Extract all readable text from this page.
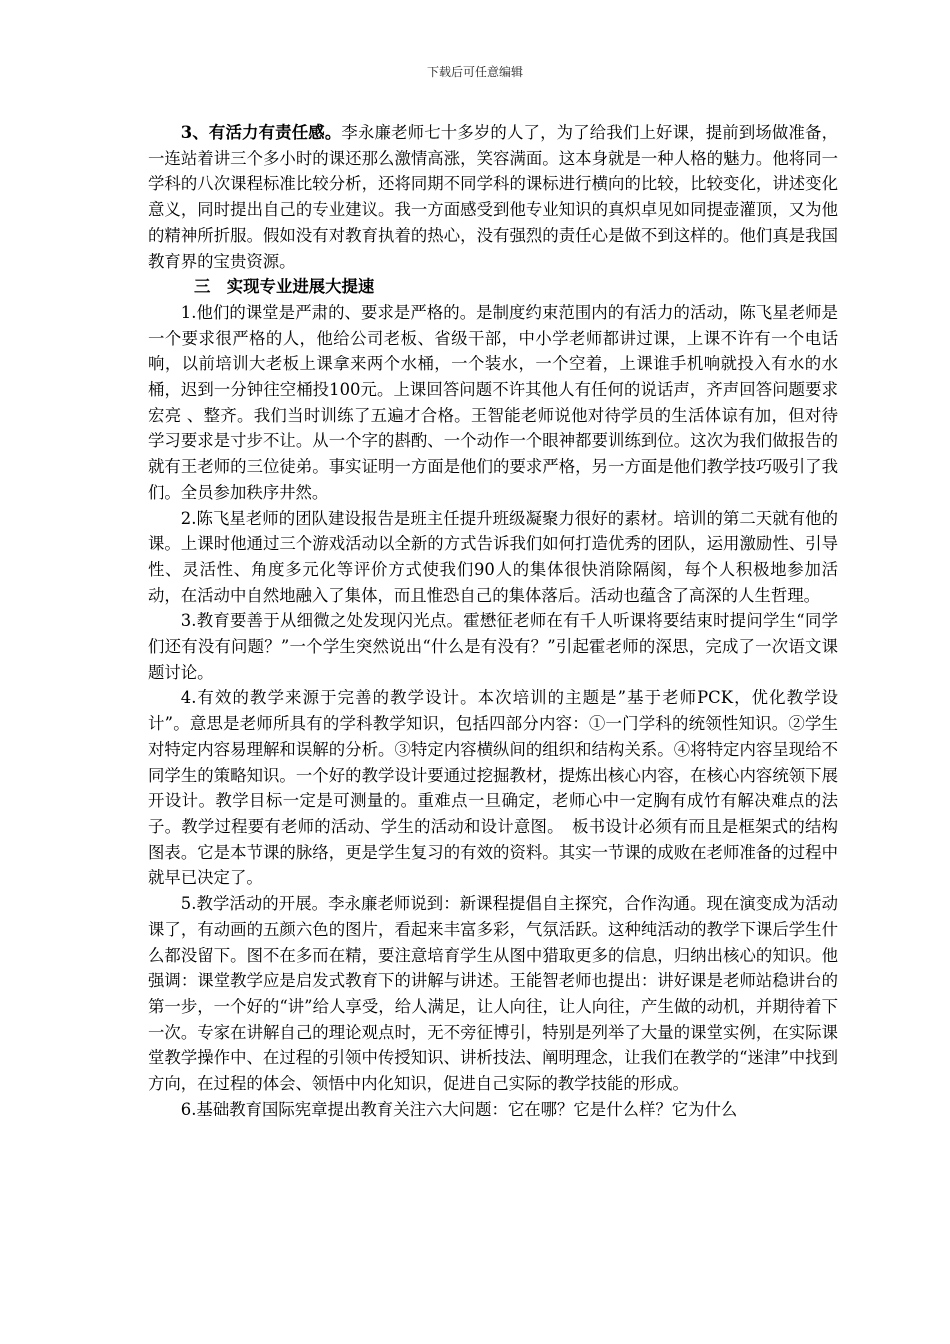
下载后可任意编辑

3、有活力有责任感。李永廉老师七十多岁的人了，为了给我们上好课，提前到场做准备，一连站着讲三个多小时的课还那么激情高涨，笑容满面。这本身就是一种人格的魅力。他将同一学科的八次课程标准比较分析，还将同期不同学科的课标进行横向的比较，比较变化，讲述变化意义，同时提出自己的专业建议。我一方面感受到他专业知识的真炽卓见如同提壶灌顶，又为他的精神所折服。假如没有对教育执着的热心，没有强烈的责任心是做不到这样的。他们真是我国教育界的宝贵资源。

三　实现专业进展大提速

1.他们的课堂是严肃的、要求是严格的。是制度约束范围内的有活力的活动，陈飞星老师是一个要求很严格的人，他给公司老板、省级干部，中小学老师都讲过课，上课不许有一个电话响，以前培训大老板上课拿来两个水桶，一个装水，一个空着，上课谁手机响就投入有水的水桶，迟到一分钟往空桶投100元。上课回答问题不许其他人有任何的说话声，齐声回答问题要求宏亮 、整齐。我们当时训练了五遍才合格。王智能老师说他对待学员的生活体谅有加，但对待学习要求是寸步不让。从一个字的斟酌、一个动作一个眼神都要训练到位。这次为我们做报告的就有王老师的三位徒弟。事实证明一方面是他们的要求严格，另一方面是他们教学技巧吸引了我们。全员参加秩序井然。

2.陈飞星老师的团队建设报告是班主任提升班级凝聚力很好的素材。培训的第二天就有他的课。上课时他通过三个游戏活动以全新的方式告诉我们如何打造优秀的团队，运用激励性、引导性、灵活性、角度多元化等评价方式使我们90人的集体很快消除隔阂，每个人积极地参加活动，在活动中自然地融入了集体，而且惟恐自己的集体落后。活动也蕴含了高深的人生哲理。

3.教育要善于从细微之处发现闪光点。霍懋征老师在有千人听课将要结束时提问学生“同学们还有没有问题？”一个学生突然说出“什么是有没有？”引起霍老师的深思，完成了一次语文课题讨论。

4.有效的教学来源于完善的教学设计。本次培训的主题是”基于老师PCK，优化教学设计”。意思是老师所具有的学科教学知识，包括四部分内容：①一门学科的统领性知识。②学生对特定内容易理解和误解的分析。③特定内容横纵间的组织和结构关系。④将特定内容呈现给不同学生的策略知识。一个好的教学设计要通过挖掘教材，提炼出核心内容，在核心内容统领下展开设计。教学目标一定是可测量的。重难点一旦确定，老师心中一定胸有成竹有解决难点的法子。教学过程要有老师的活动、学生的活动和设计意图。　板书设计必须有而且是框架式的结构图表。它是本节课的脉络，更是学生复习的有效的资料。其实一节课的成败在老师准备的过程中就早已决定了。

5.教学活动的开展。李永廉老师说到：新课程提倡自主探究，合作沟通。现在演变成为活动课了，有动画的五颜六色的图片，看起来丰富多彩，气氛活跃。这种纯活动的教学下课后学生什么都没留下。图不在多而在精，要注意培育学生从图中猎取更多的信息，归纳出核心的知识。他强调：课堂教学应是启发式教育下的讲解与讲述。王能智老师也提出：讲好课是老师站稳讲台的第一步，一个好的“讲”给人享受，给人满足，让人向往，让人向往，产生做的动机，并期待着下一次。专家在讲解自己的理论观点时，无不旁征博引，特别是列举了大量的课堂实例，在实际课堂教学操作中、在过程的引领中传授知识、讲析技法、阐明理念，让我们在教学的“迷津”中找到方向，在过程的体会、领悟中内化知识，促进自己实际的教学技能的形成。

6.基础教育国际宪章提出教育关注六大问题：它在哪？它是什么样？它为什么
